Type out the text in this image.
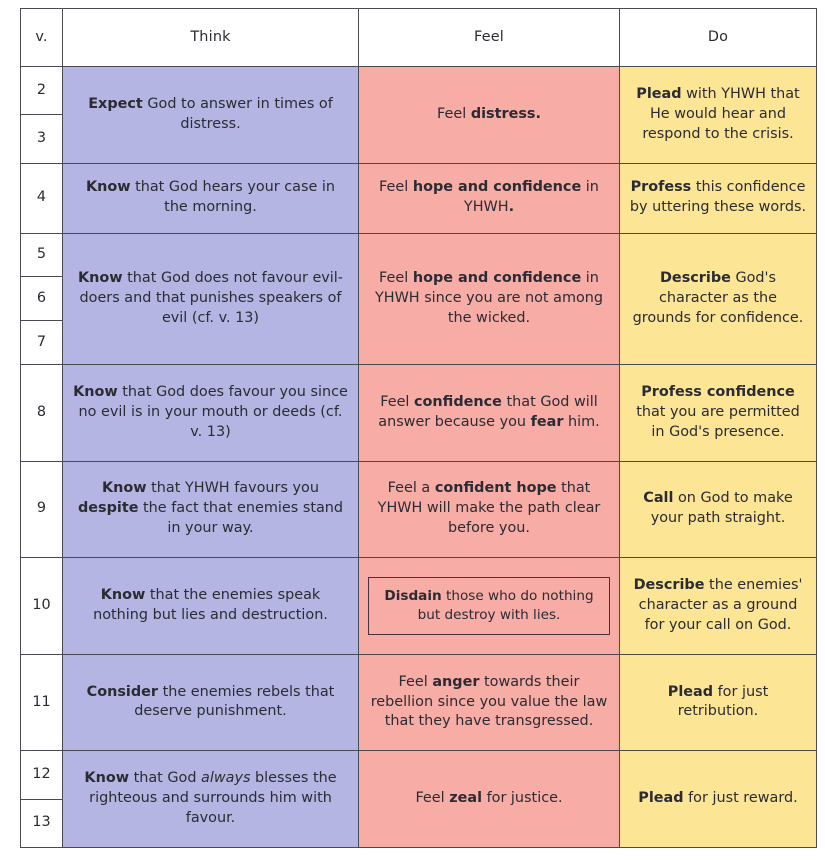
v.	Think	Feel	Do
2	Expect God to answer in times of distress.	Feel distress.	Plead with YHWH that He would hear and respond to the crisis.
3			
4	Know that God hears your case in the morning.	Feel hope and confidence in YHWH.	Profess this confidence by uttering these words.
5	Know that God does not favour evil-doers and that punishes speakers of evil (cf. v. 13)	Feel hope and confidence in YHWH since you are not among the wicked.	Describe God's character as the grounds for confidence.
6			
7			
8	Know that God does favour you since no evil is in your mouth or deeds (cf. v. 13)	Feel confidence that God will answer because you fear him.	Profess confidence that you are permitted in God's presence.
9	Know that YHWH favours you despite the fact that enemies stand in your way.	Feel a confident hope that YHWH will make the path clear before you.	Call on God to make your path straight.
10	Know that the enemies speak nothing but lies and destruction.	Disdain those who do nothing but destroy with lies.	Describe the enemies' character as a ground for your call on God.
11	Consider the enemies rebels that deserve punishment.	Feel anger towards their rebellion since you value the law that they have transgressed.	Plead for just retribution.
12	Know that God always blesses the righteous and surrounds him with favour.	Feel zeal for justice.	Plead for just reward.
13			
